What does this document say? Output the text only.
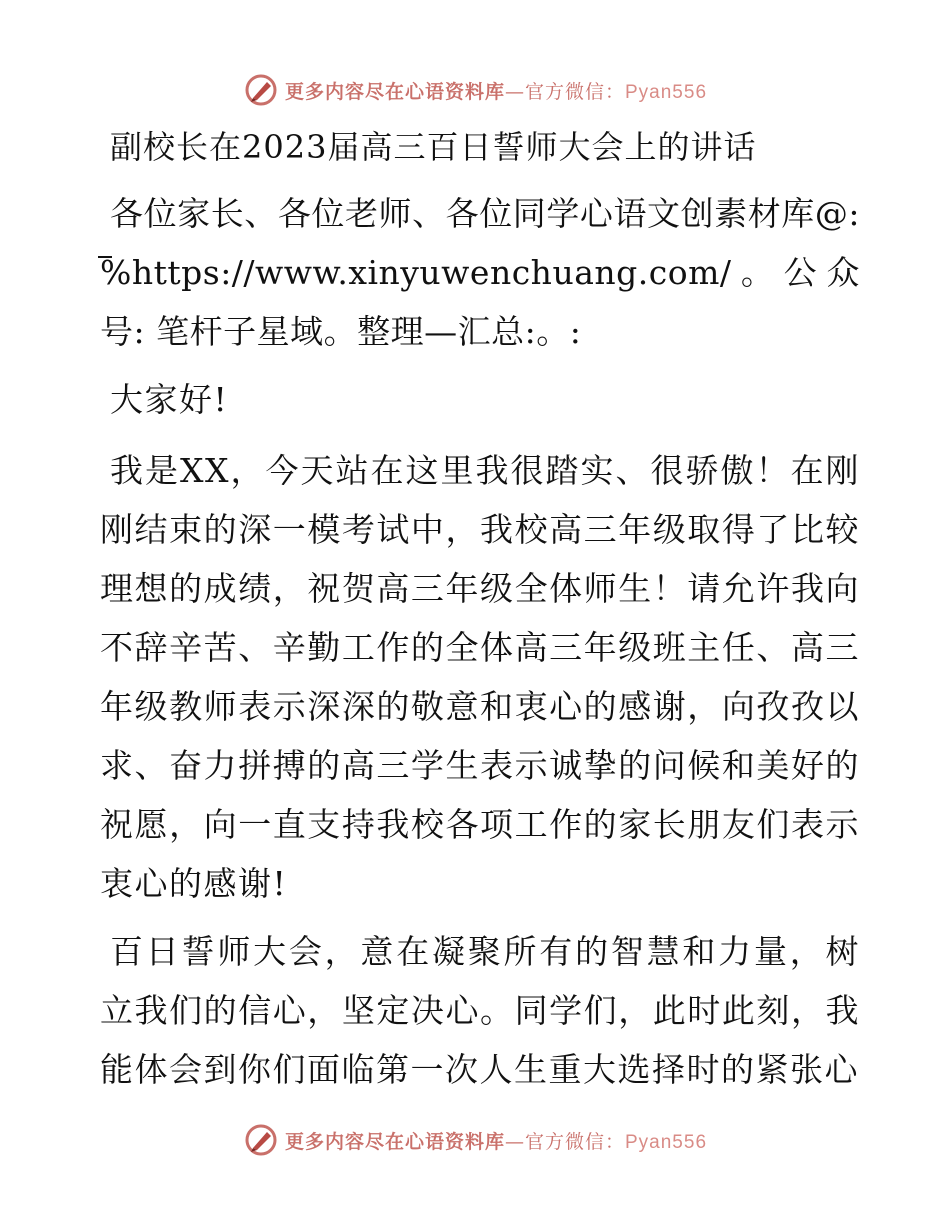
更多内容尽在心语资料库—官方微信：Pyan556
副校长在2023届高三百日誓师大会上的讲话

各位家长、各位老师、各位同学心语文创素材库@: %https://www.xinyuwenchuang.com/。公众号: 笔杆子星域。整理—汇总:。:

大家好!

我是XX，今天站在这里我很踏实、很骄傲！在刚刚结束的深一模考试中，我校高三年级取得了比较理想的成绩，祝贺高三年级全体师生！请允许我向不辞辛苦、辛勤工作的全体高三年级班主任、高三年级教师表示深深的敬意和衷心的感谢，向孜孜以求、奋力拼搏的高三学生表示诚挚的问候和美好的祝愿，向一直支持我校各项工作的家长朋友们表示衷心的感谢!

百日誓师大会，意在凝聚所有的智慧和力量，树立我们的信心，坚定决心。同学们，此时此刻，我能体会到你们面临第一次人生重大选择时的紧张心

更多内容尽在心语资料库—官方微信：Pyan556
